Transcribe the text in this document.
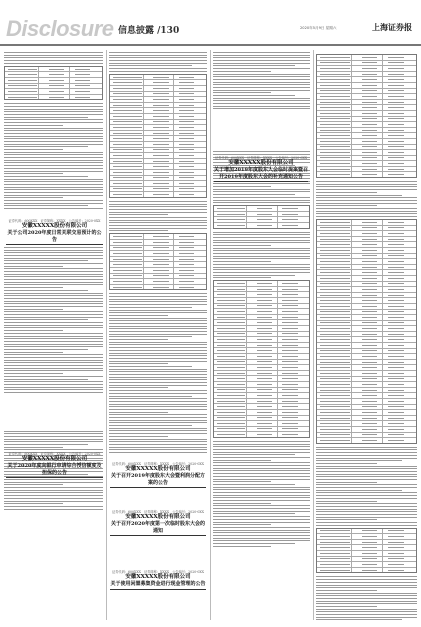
Disclosure 信息披露 /130	2020年5月9日 星期六	上海证券报
证券代码：600XXX　证券简称：XXXX　公告编号：2020-0XX
安徽XXXXX股份有限公司
关于公司2020年度日常关联交易预计的公告
证券代码：600XXX　证券简称：XXXX　公告编号：2020-0XX
安徽XXXXX股份有限公司
关于2020年度向银行申请综合授信额度及担保的公告
证券代码：600XXX　证券简称：XXXX　公告编号：2020-0XX
安徽XXXXX股份有限公司
关于增加2019年度股东大会临时提案暨召开2019年度股东大会的补充通知公告
证券代码：600XXX　证券简称：XXXX　公告编号：2020-0XX
安徽XXXXX股份有限公司
关于召开2019年度股东大会暨利润分配方案的公告
证券代码：600XXX　证券简称：XXXX　公告编号：2020-0XX
安徽XXXXX股份有限公司
关于召开2020年度第一次临时股东大会的通知
证券代码：600XXX　证券简称：XXXX　公告编号：2020-0XX
安徽XXXXX股份有限公司
关于使用闲置募集资金进行现金管理的公告
